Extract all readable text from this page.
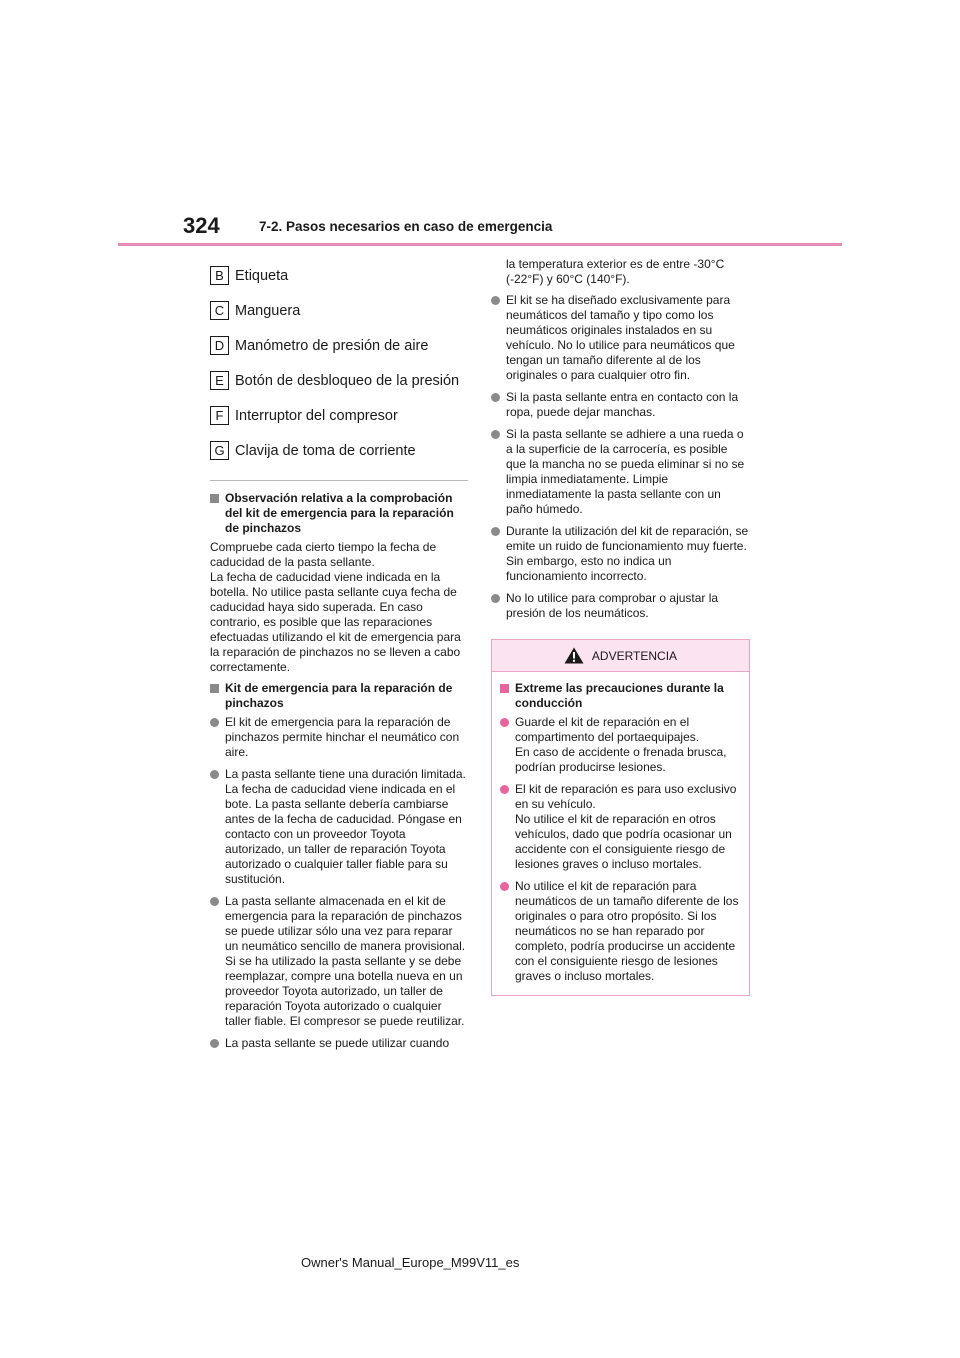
324	7-2. Pasos necesarios en caso de emergencia
B Etiqueta
C Manguera
D Manómetro de presión de aire
E Botón de desbloqueo de la presión
F Interruptor del compresor
G Clavija de toma de corriente
Observación relativa a la comprobación del kit de emergencia para la reparación de pinchazos
Compruebe cada cierto tiempo la fecha de caducidad de la pasta sellante.
La fecha de caducidad viene indicada en la botella. No utilice pasta sellante cuya fecha de caducidad haya sido superada. En caso contrario, es posible que las reparaciones efectuadas utilizando el kit de emergencia para la reparación de pinchazos no se lleven a cabo correctamente.
Kit de emergencia para la reparación de pinchazos
El kit de emergencia para la reparación de pinchazos permite hinchar el neumático con aire.
La pasta sellante tiene una duración limitada. La fecha de caducidad viene indicada en el bote. La pasta sellante debería cambiarse antes de la fecha de caducidad. Póngase en contacto con un proveedor Toyota autorizado, un taller de reparación Toyota autorizado o cualquier taller fiable para su sustitución.
La pasta sellante almacenada en el kit de emergencia para la reparación de pinchazos se puede utilizar sólo una vez para reparar un neumático sencillo de manera provisional. Si se ha utilizado la pasta sellante y se debe reemplazar, compre una botella nueva en un proveedor Toyota autorizado, un taller de reparación Toyota autorizado o cualquier taller fiable. El compresor se puede reutilizar.
La pasta sellante se puede utilizar cuando
la temperatura exterior es de entre -30°C (-22°F) y 60°C (140°F).
El kit se ha diseñado exclusivamente para neumáticos del tamaño y tipo como los neumáticos originales instalados en su vehículo. No lo utilice para neumáticos que tengan un tamaño diferente al de los originales o para cualquier otro fin.
Si la pasta sellante entra en contacto con la ropa, puede dejar manchas.
Si la pasta sellante se adhiere a una rueda o a la superficie de la carrocería, es posible que la mancha no se pueda eliminar si no se limpia inmediatamente. Limpie inmediatamente la pasta sellante con un paño húmedo.
Durante la utilización del kit de reparación, se emite un ruido de funcionamiento muy fuerte. Sin embargo, esto no indica un funcionamiento incorrecto.
No lo utilice para comprobar o ajustar la presión de los neumáticos.
ADVERTENCIA
Extreme las precauciones durante la conducción
Guarde el kit de reparación en el compartimento del portaequipajes.
En caso de accidente o frenada brusca, podrían producirse lesiones.
El kit de reparación es para uso exclusivo en su vehículo.
No utilice el kit de reparación en otros vehículos, dado que podría ocasionar un accidente con el consiguiente riesgo de lesiones graves o incluso mortales.
No utilice el kit de reparación para neumáticos de un tamaño diferente de los originales o para otro propósito. Si los neumáticos no se han reparado por completo, podría producirse un accidente con el consiguiente riesgo de lesiones graves o incluso mortales.
Owner's Manual_Europe_M99V11_es
